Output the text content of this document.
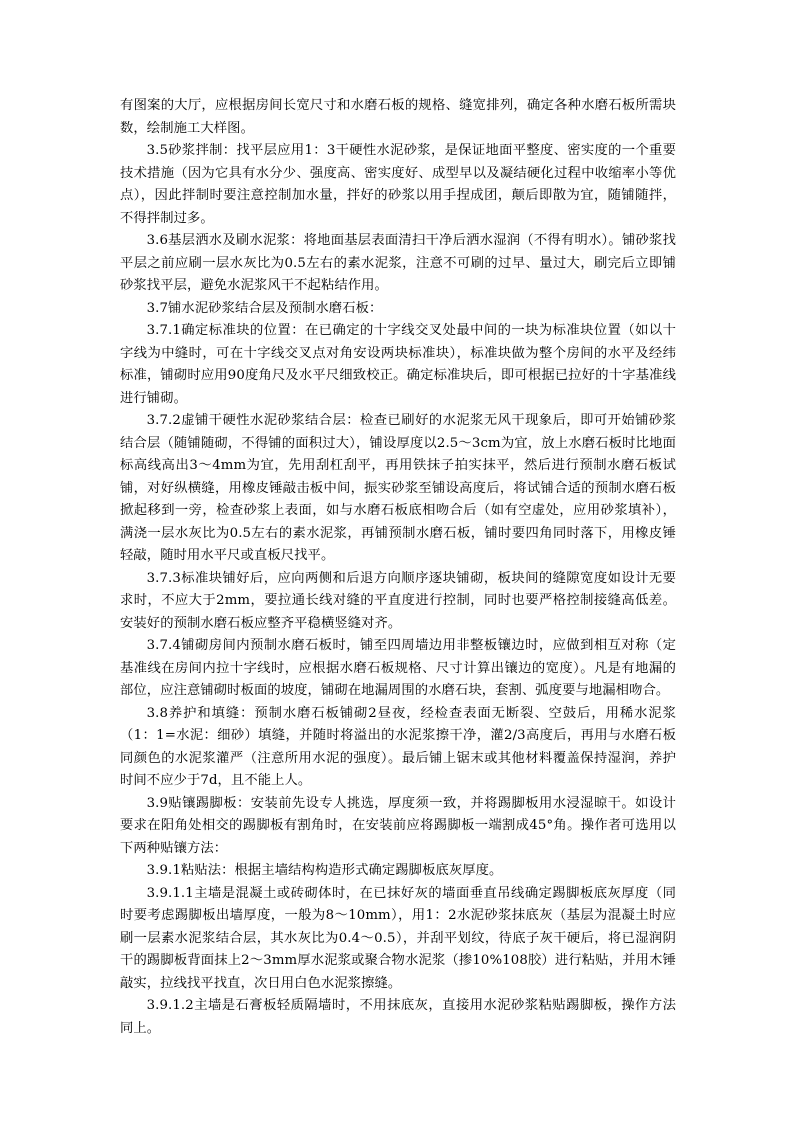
有图案的大厅，应根据房间长宽尺寸和水磨石板的规格、缝宽排列，确定各种水磨石板所需块数，绘制施工大样图。

3.5砂浆拌制：找平层应用1：3干硬性水泥砂浆，是保证地面平整度、密实度的一个重要技术措施（因为它具有水分少、强度高、密实度好、成型早以及凝结硬化过程中收缩率小等优点），因此拌制时要注意控制加水量，拌好的砂浆以用手捏成团，颠后即散为宜，随铺随拌，不得拌制过多。

3.6基层洒水及刷水泥浆：将地面基层表面清扫干净后洒水湿润（不得有明水）。铺砂浆找平层之前应刷一层水灰比为0.5左右的素水泥浆，注意不可刷的过早、量过大，刷完后立即铺砂浆找平层，避免水泥浆风干不起粘结作用。

3.7铺水泥砂浆结合层及预制水磨石板：

3.7.1确定标准块的位置：在已确定的十字线交叉处最中间的一块为标准块位置（如以十字线为中缝时，可在十字线交叉点对角安设两块标准块），标准块做为整个房间的水平及经纬标准，铺砌时应用90度角尺及水平尺细致校正。确定标准块后，即可根据已拉好的十字基准线进行铺砌。

3.7.2虚铺干硬性水泥砂浆结合层：检查已刷好的水泥浆无风干现象后，即可开始铺砂浆结合层（随铺随砌，不得铺的面积过大），铺设厚度以2.5～3cm为宜，放上水磨石板时比地面标高线高出3～4mm为宜，先用刮杠刮平，再用铁抹子拍实抹平，然后进行预制水磨石板试铺，对好纵横缝，用橡皮锤敲击板中间，振实砂浆至铺设高度后，将试铺合适的预制水磨石板掀起移到一旁，检查砂浆上表面，如与水磨石板底相吻合后（如有空虚处，应用砂浆填补），满浇一层水灰比为0.5左右的素水泥浆，再铺预制水磨石板，铺时要四角同时落下，用橡皮锤轻敲，随时用水平尺或直板尺找平。

3.7.3标准块铺好后，应向两侧和后退方向顺序逐块铺砌，板块间的缝隙宽度如设计无要求时，不应大于2mm，要拉通长线对缝的平直度进行控制，同时也要严格控制接缝高低差。安装好的预制水磨石板应整齐平稳横竖缝对齐。

3.7.4铺砌房间内预制水磨石板时，铺至四周墙边用非整板镶边时，应做到相互对称（定基准线在房间内拉十字线时，应根据水磨石板规格、尺寸计算出镶边的宽度）。凡是有地漏的部位，应注意铺砌时板面的坡度，铺砌在地漏周围的水磨石块，套割、弧度要与地漏相吻合。

3.8养护和填缝：预制水磨石板铺砌2昼夜，经检查表面无断裂、空鼓后，用稀水泥浆（1：1=水泥：细砂）填缝，并随时将溢出的水泥浆擦干净，灌2/3高度后，再用与水磨石板同颜色的水泥浆灌严（注意所用水泥的强度）。最后铺上锯末或其他材料覆盖保持湿润，养护时间不应少于7d，且不能上人。

3.9贴镶踢脚板：安装前先设专人挑选，厚度须一致，并将踢脚板用水浸湿晾干。如设计要求在阳角处相交的踢脚板有割角时，在安装前应将踢脚板一端割成45°角。操作者可选用以下两种贴镶方法：

3.9.1粘贴法：根据主墙结构构造形式确定踢脚板底灰厚度。

3.9.1.1主墙是混凝土或砖砌体时，在已抹好灰的墙面垂直吊线确定踢脚板底灰厚度（同时要考虑踢脚板出墙厚度，一般为8～10mm），用1：2水泥砂浆抹底灰（基层为混凝土时应刷一层素水泥浆结合层，其水灰比为0.4～0.5），并刮平划纹，待底子灰干硬后，将已湿润阴干的踢脚板背面抹上2～3mm厚水泥浆或聚合物水泥浆（掺10%108胶）进行粘贴，并用木锤敲实，拉线找平找直，次日用白色水泥浆擦缝。

3.9.1.2主墙是石膏板轻质隔墙时，不用抹底灰，直接用水泥砂浆粘贴踢脚板，操作方法同上。
